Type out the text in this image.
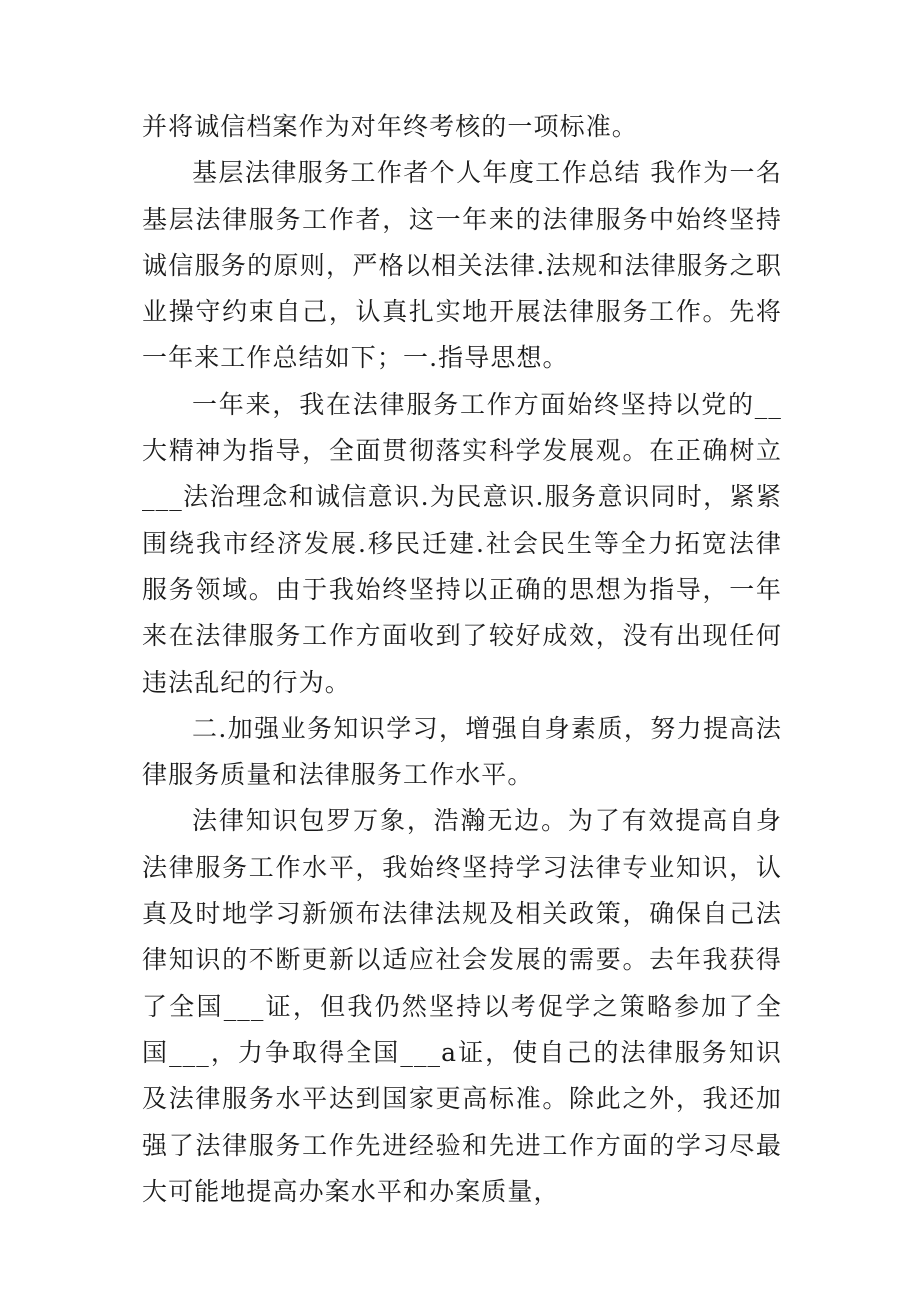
并将诚信档案作为对年终考核的一项标准。

基层法律服务工作者个人年度工作总结 我作为一名基层法律服务工作者，这一年来的法律服务中始终坚持诚信服务的原则，严格以相关法律.法规和法律服务之职业操守约束自己，认真扎实地开展法律服务工作。先将一年来工作总结如下；一.指导思想。

一年来，我在法律服务工作方面始终坚持以党的__大精神为指导，全面贯彻落实科学发展观。在正确树立___法治理念和诚信意识.为民意识.服务意识同时，紧紧围绕我市经济发展.移民迁建.社会民生等全力拓宽法律服务领域。由于我始终坚持以正确的思想为指导，一年来在法律服务工作方面收到了较好成效，没有出现任何违法乱纪的行为。

二.加强业务知识学习，增强自身素质，努力提高法律服务质量和法律服务工作水平。

法律知识包罗万象，浩瀚无边。为了有效提高自身法律服务工作水平，我始终坚持学习法律专业知识，认真及时地学习新颁布法律法规及相关政策，确保自己法律知识的不断更新以适应社会发展的需要。去年我获得了全国___证，但我仍然坚持以考促学之策略参加了全国___，力争取得全国___a证，使自己的法律服务知识及法律服务水平达到国家更高标准。除此之外，我还加强了法律服务工作先进经验和先进工作方面的学习尽最大可能地提高办案水平和办案质量，
